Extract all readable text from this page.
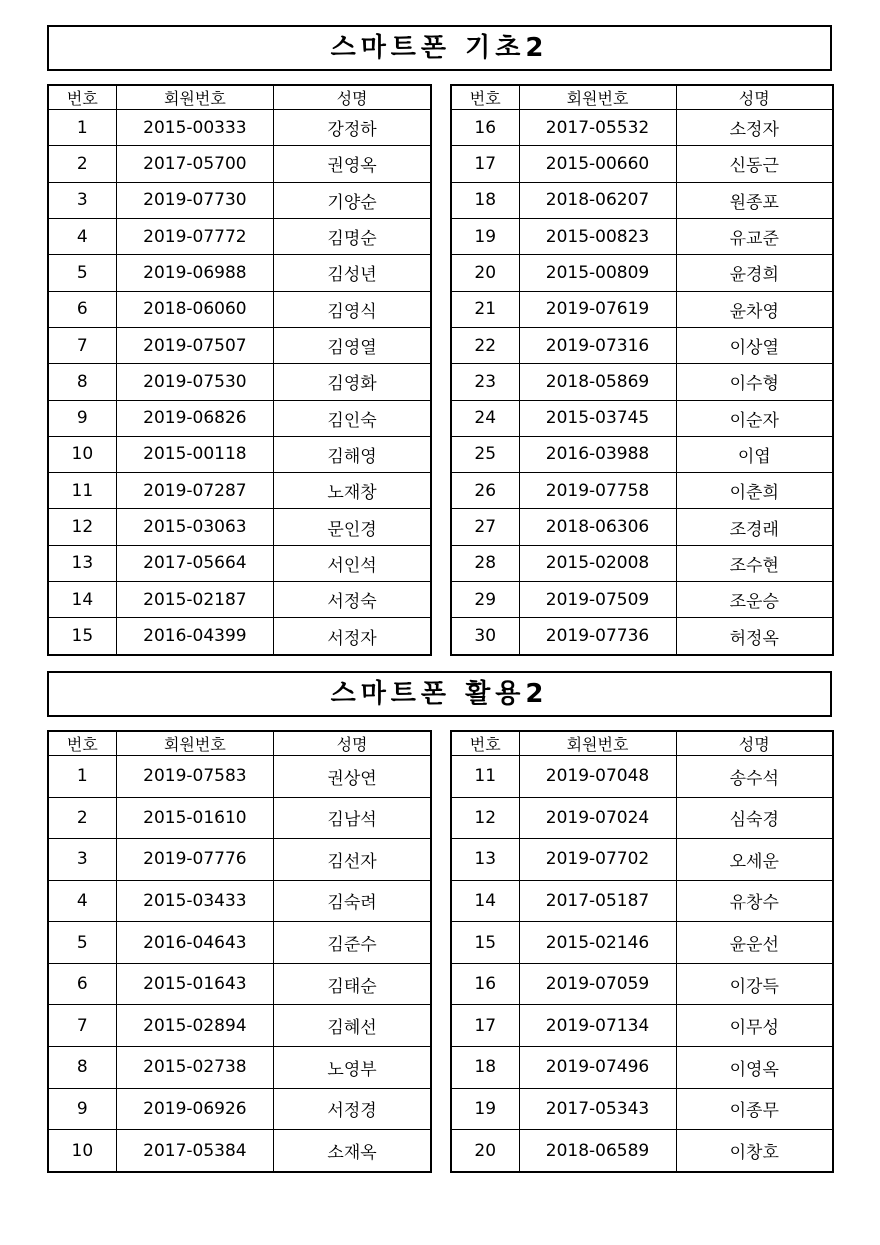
스마트폰 기초2
번호	회원번호	성명
1	2015-00333	강정하
2	2017-05700	권영옥
3	2019-07730	기양순
4	2019-07772	김명순
5	2019-06988	김성년
6	2018-06060	김영식
7	2019-07507	김영열
8	2019-07530	김영화
9	2019-06826	김인숙
10	2015-00118	김해영
11	2019-07287	노재창
12	2015-03063	문인경
13	2017-05664	서인석
14	2015-02187	서정숙
15	2016-04399	서정자
번호	회원번호	성명
16	2017-05532	소정자
17	2015-00660	신동근
18	2018-06207	원종포
19	2015-00823	유교준
20	2015-00809	윤경희
21	2019-07619	윤차영
22	2019-07316	이상열
23	2018-05869	이수형
24	2015-03745	이순자
25	2016-03988	이엽
26	2019-07758	이춘희
27	2018-06306	조경래
28	2015-02008	조수현
29	2019-07509	조운승
30	2019-07736	허정옥
스마트폰 활용2
번호	회원번호	성명
1	2019-07583	권상연
2	2015-01610	김남석
3	2019-07776	김선자
4	2015-03433	김숙려
5	2016-04643	김준수
6	2015-01643	김태순
7	2015-02894	김혜선
8	2015-02738	노영부
9	2019-06926	서정경
10	2017-05384	소재옥
번호	회원번호	성명
11	2019-07048	송수석
12	2019-07024	심숙경
13	2019-07702	오세운
14	2017-05187	유창수
15	2015-02146	윤운선
16	2019-07059	이강득
17	2019-07134	이무성
18	2019-07496	이영옥
19	2017-05343	이종무
20	2018-06589	이창호
